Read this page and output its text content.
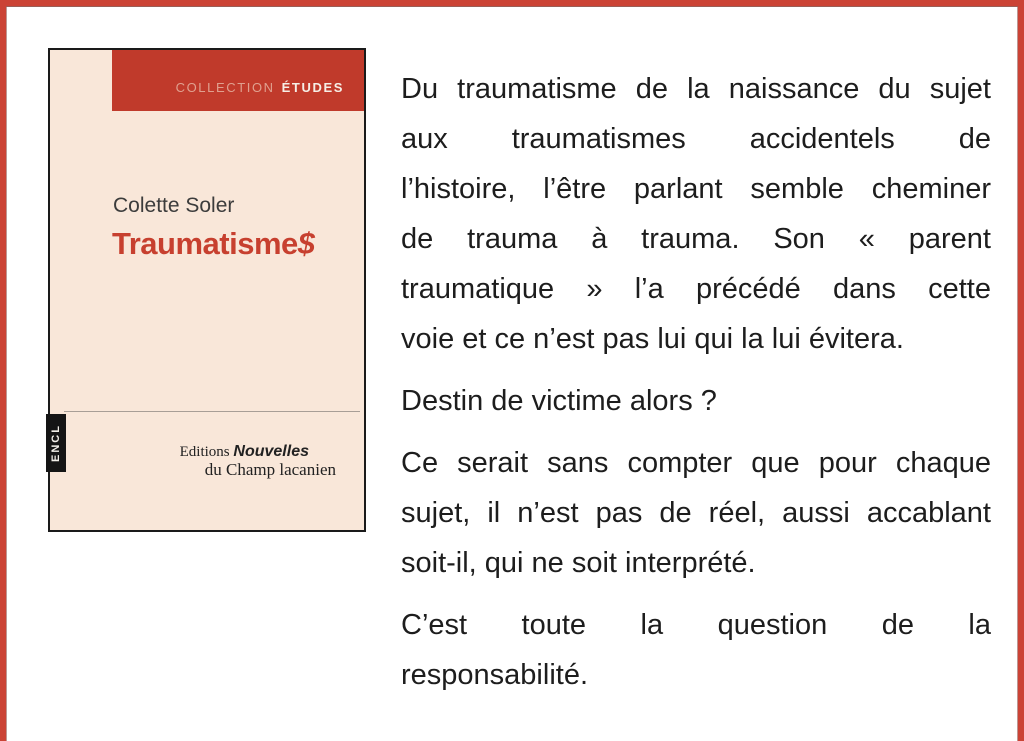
COLLECTION ÉTUDES
Colette Soler
Traumatisme$
ENCL	Editions Nouvelles
du Champ lacanien
Du traumatisme de la naissance du sujet
aux traumatismes accidentels de
l’histoire, l’être parlant semble cheminer
de trauma à trauma. Son « parent
traumatique » l’a précédé dans cette
voie et ce n’est pas lui qui la lui évitera.
Destin de victime alors ?
Ce serait sans compter que pour chaque
sujet, il n’est pas de réel, aussi accablant
soit-il, qui ne soit interprété.
C’est toute la question de la
responsabilité.
